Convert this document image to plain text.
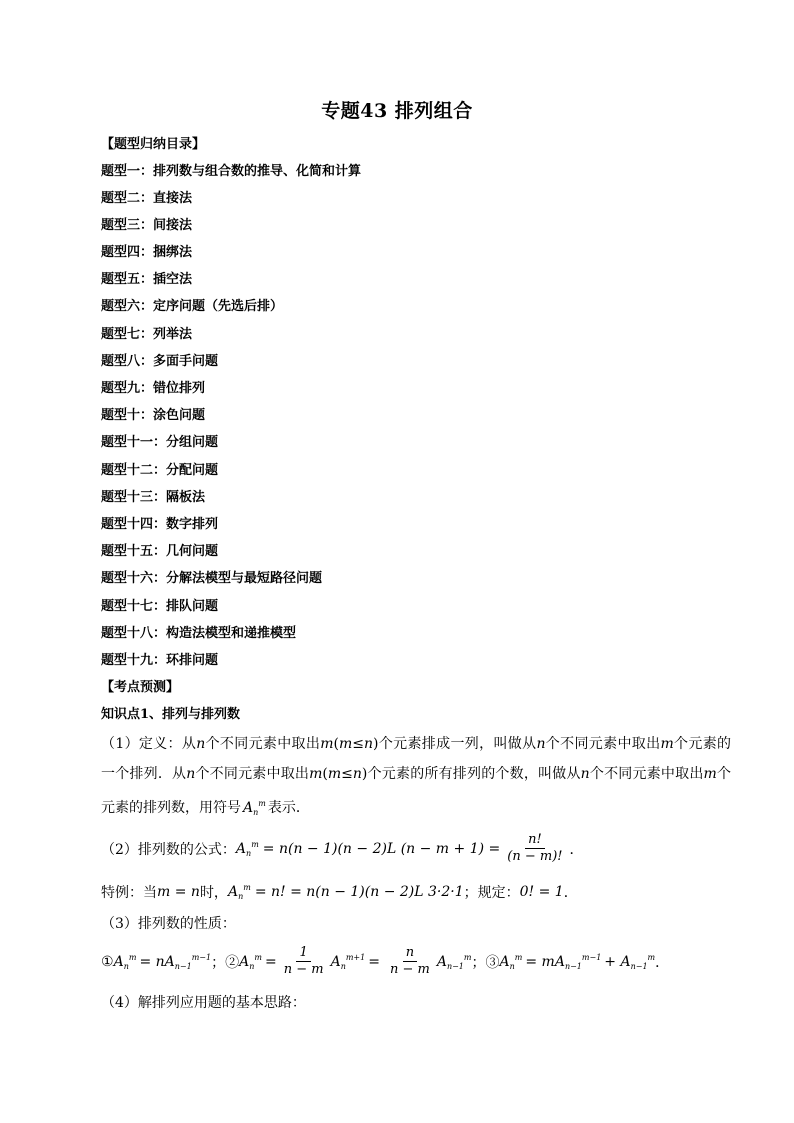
专题43 排列组合
【题型归纳目录】
题型一：排列数与组合数的推导、化简和计算
题型二：直接法
题型三：间接法
题型四：捆绑法
题型五：插空法
题型六：定序问题（先选后排）
题型七：列举法
题型八：多面手问题
题型九：错位排列
题型十：涂色问题
题型十一：分组问题
题型十二：分配问题
题型十三：隔板法
题型十四：数字排列
题型十五：几何问题
题型十六：分解法模型与最短路径问题
题型十七：排队问题
题型十八：构造法模型和递推模型
题型十九：环排问题
【考点预测】
知识点1、排列与排列数
（1）定义：从n个不同元素中取出m(m≤n)个元素排成一列，叫做从n个不同元素中取出m个元素的一个排列．从n个不同元素中取出m(m≤n)个元素的所有排列的个数，叫做从n个不同元素中取出m个元素的排列数，用符号 $A_n^m$ 表示．
（2）排列数的公式： $A_n^m = n(n - 1)(n - 2)L$ $(n - m + 1) = \frac{n!}{(n - m)!}$ ．
特例：当 m = n 时， $A_n^m = n$! = n(n − 1)(n − 2)L 3·2·1 ；规定： 0! = 1 ．
（3）排列数的性质：
① $A_n^m$ = nA $_{n-1}^{m-1}$ ；② $A_n^m = \frac{1}{n - m} A_n^{m+1} = \frac{n}{n - m} A_{n-1}^m$ ；③ $A_n^m$ = mA $_{n-1}^{m-1} + A_{n-1}^m$ ．
（4）解排列应用题的基本思路：
